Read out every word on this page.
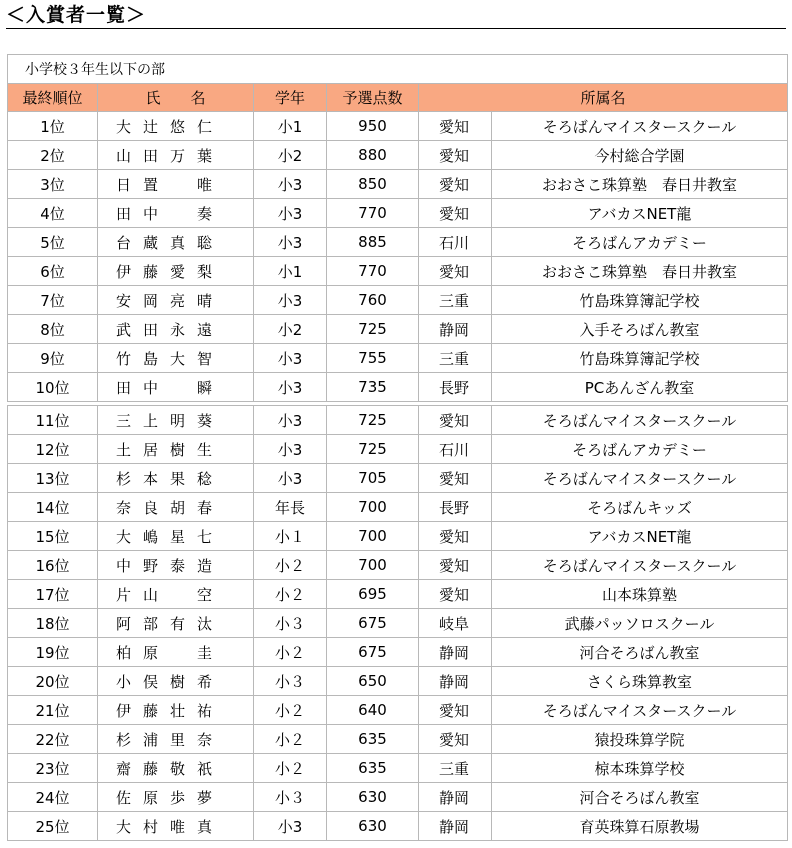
＜入賞者一覧＞
小学校３年生以下の部					
最終順位	氏　　名	学年	予選点数	所属名	
1位	大 辻 悠 仁	小1	950	愛知	そろばんマイスタースクール
2位	山 田 万 葉	小2	880	愛知	今村総合学園
3位	日 置 唯	小3	850	愛知	おおさこ珠算塾　春日井教室
4位	田 中 奏	小3	770	愛知	アバカスNET龍
5位	台 蔵 真 聡	小3	885	石川	そろばんアカデミー
6位	伊 藤 愛 梨	小1	770	愛知	おおさこ珠算塾　春日井教室
7位	安 岡 亮 晴	小3	760	三重	竹島珠算簿記学校
8位	武 田 永 遠	小2	725	静岡	入手そろばん教室
9位	竹 島 大 智	小3	755	三重	竹島珠算簿記学校
10位	田 中 瞬	小3	735	長野	PCあんざん教室

11位	三 上 明 葵	小3	725	愛知	そろばんマイスタースクール
12位	土 居 樹 生	小3	725	石川	そろばんアカデミー
13位	杉 本 果 稔	小3	705	愛知	そろばんマイスタースクール
14位	奈 良 胡 春	年長	700	長野	そろばんキッズ
15位	大 嶋 星 七	小１	700	愛知	アバカスNET龍
16位	中 野 泰 造	小２	700	愛知	そろばんマイスタースクール
17位	片 山 空	小２	695	愛知	山本珠算塾
18位	阿 部 有 汰	小３	675	岐阜	武藤パッソロスクール
19位	柏 原 圭	小２	675	静岡	河合そろばん教室
20位	小 俣 樹 希	小３	650	静岡	さくら珠算教室
21位	伊 藤 壮 祐	小２	640	愛知	そろばんマイスタースクール
22位	杉 浦 里 奈	小２	635	愛知	猿投珠算学院
23位	齋 藤 敬 祇	小２	635	三重	椋本珠算学校
24位	佐 原 歩 夢	小３	630	静岡	河合そろばん教室
25位	大 村 唯 真	小3	630	静岡	育英珠算石原教場
